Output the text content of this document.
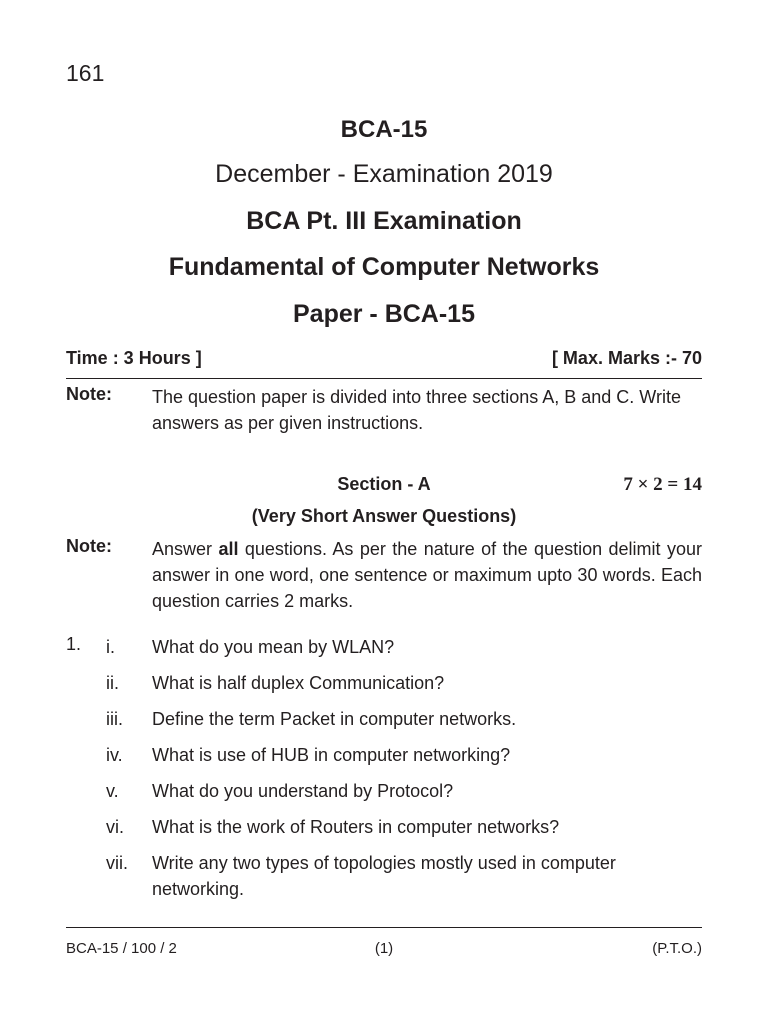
161
BCA-15
December - Examination 2019
BCA Pt. III Examination
Fundamental of Computer Networks
Paper - BCA-15
Time : 3 Hours ]	[ Max. Marks :- 70
Note: The question paper is divided into three sections A, B and C. Write answers as per given instructions.
Section - A	7 × 2 = 14
(Very Short Answer Questions)
Note: Answer all questions. As per the nature of the question delimit your answer in one word, one sentence or maximum upto 30 words. Each question carries 2 marks.
1. i.	What do you mean by WLAN?
ii.	What is half duplex Communication?
iii.	Define the term Packet in computer networks.
iv.	What is use of HUB in computer networking?
v.	What do you understand by Protocol?
vi.	What is the work of Routers in computer networks?
vii.	Write any two types of topologies mostly used in computer networking.
BCA-15 / 100 / 2	(1)	(P.T.O.)
